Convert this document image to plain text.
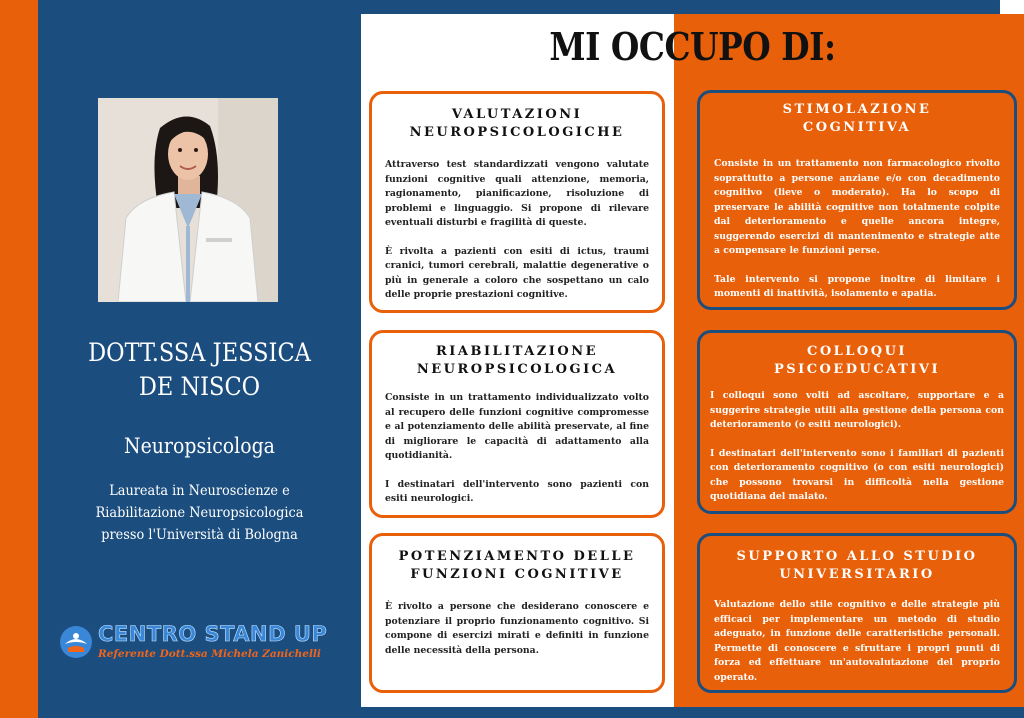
MI OCCUPO DI:
DOTT.SSA JESSICA
DE NISCO
Neuropsicologa
Laureata in Neuroscienze e
Riabilitazione Neuropsicologica
presso l'Università di Bologna
CENTRO STAND UP
Referente Dott.ssa Michela Zanichelli
VALUTAZIONI
NEUROPSICOLOGICHE

Attraverso test standardizzati vengono valutate funzioni cognitive quali attenzione, memoria, ragionamento, pianificazione, risoluzione di problemi e linguaggio. Si propone di rilevare eventuali disturbi e fragilità di queste.

È rivolta a pazienti con esiti di ictus, traumi cranici, tumori cerebrali, malattie degenerative o più in generale a coloro che sospettano un calo delle proprie prestazioni cognitive.

RIABILITAZIONE
NEUROPSICOLOGICA

Consiste in un trattamento individualizzato volto al recupero delle funzioni cognitive compromesse e al potenziamento delle abilità preservate, al fine di migliorare le capacità di adattamento alla quotidianità.

I destinatari dell'intervento sono pazienti con esiti neurologici.

POTENZIAMENTO DELLE
FUNZIONI COGNITIVE

È rivolto a persone che desiderano conoscere e potenziare il proprio funzionamento cognitivo. Si compone di esercizi mirati e definiti in funzione delle necessità della persona.

STIMOLAZIONE
COGNITIVA

Consiste in un trattamento non farmacologico rivolto soprattutto a persone anziane e/o con decadimento cognitivo (lieve o moderato). Ha lo scopo di preservare le abilità cognitive non totalmente colpite dal deterioramento e quelle ancora integre, suggerendo esercizi di mantenimento e strategie atte a compensare le funzioni perse.

Tale intervento si propone inoltre di limitare i momenti di inattività, isolamento e apatia.

COLLOQUI
PSICOEDUCATIVI

I colloqui sono volti ad ascoltare, supportare e a suggerire strategie utili alla gestione della persona con deterioramento (o esiti neurologici).

I destinatari dell'intervento sono i familiari di pazienti con deterioramento cognitivo (o con esiti neurologici) che possono trovarsi in difficoltà nella gestione quotidiana del malato.

SUPPORTO ALLO STUDIO
UNIVERSITARIO

Valutazione dello stile cognitivo e delle strategie più efficaci per implementare un metodo di studio adeguato, in funzione delle caratteristiche personali. Permette di conoscere e sfruttare i propri punti di forza ed effettuare un'autovalutazione del proprio operato.
